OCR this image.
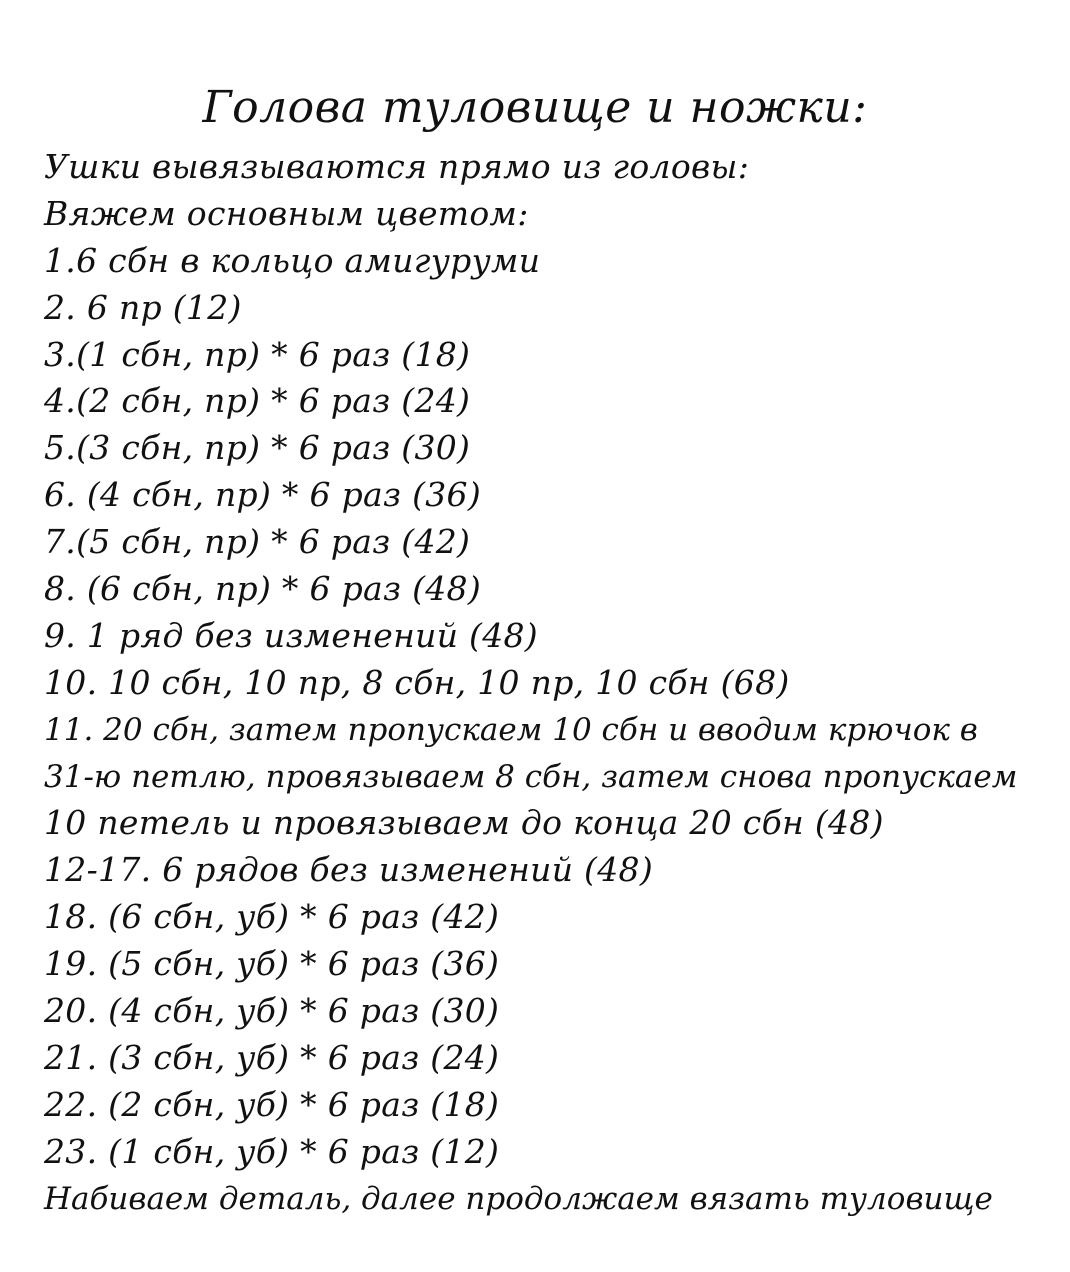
Голова туловище и ножки:
Ушки вывязываются прямо из головы:
Вяжем основным цветом:
1.6 сбн в кольцо амигуруми
2. 6 пр (12)
3.(1 сбн, пр) * 6 раз (18)
4.(2 сбн, пр) * 6 раз (24)
5.(3 сбн, пр) * 6 раз (30)
6. (4 сбн, пр) * 6 раз (36)
7.(5 сбн, пр) * 6 раз (42)
8. (6 сбн, пр) * 6 раз (48)
9. 1 ряд без изменений (48)
10. 10 сбн, 10 пр, 8 сбн, 10 пр, 10 сбн (68)
11. 20 сбн, затем пропускаем 10 сбн и вводим крючок в
31-ю петлю, провязываем 8 сбн, затем снова пропускаем
10 петель и провязываем до конца 20 сбн (48)
12-17. 6 рядов без изменений (48)
18. (6 сбн, уб) * 6 раз (42)
19. (5 сбн, уб) * 6 раз (36)
20. (4 сбн, уб) * 6 раз (30)
21. (3 сбн, уб) * 6 раз (24)
22. (2 сбн, уб) * 6 раз (18)
23. (1 сбн, уб) * 6 раз (12)
Набиваем деталь, далее продолжаем вязать туловище
